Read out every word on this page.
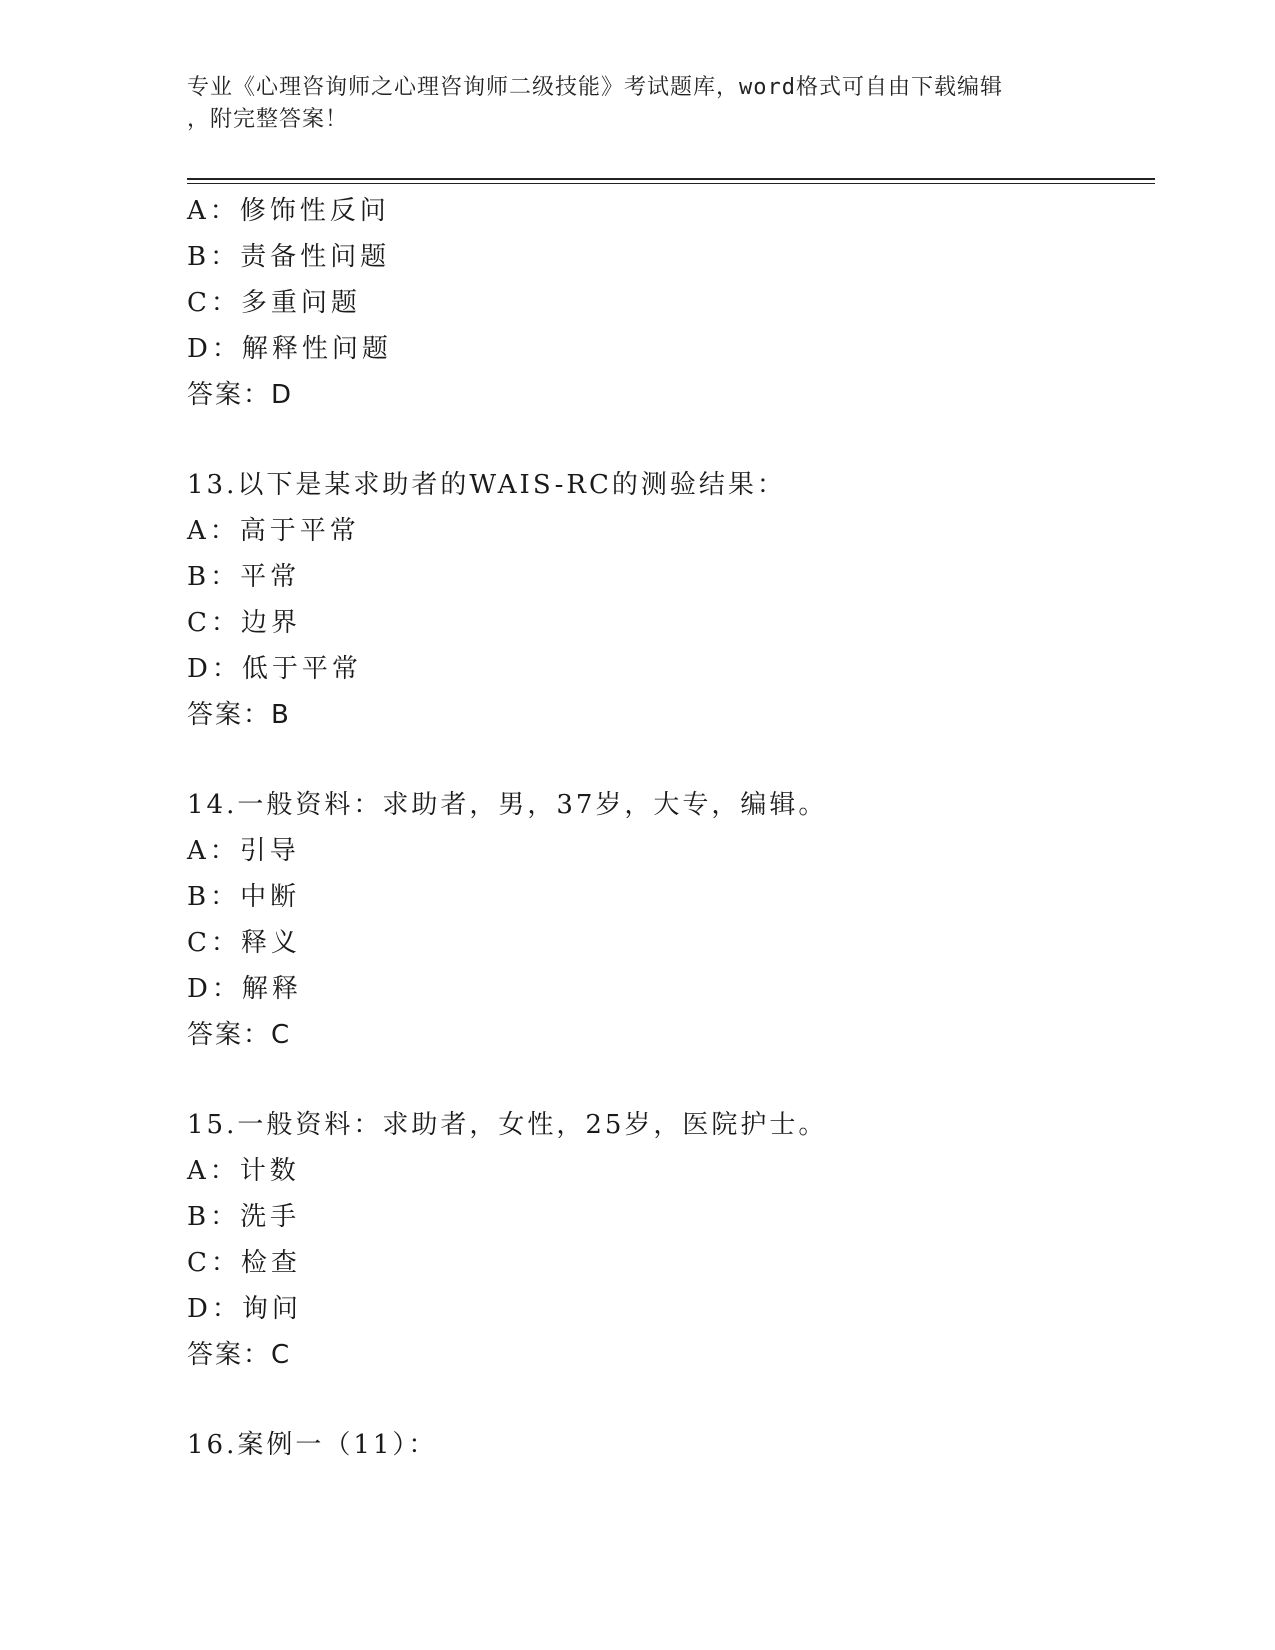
专业《心理咨询师之心理咨询师二级技能》考试题库，word格式可自由下载编辑
，附完整答案！
A：修饰性反问
B：责备性问题
C：多重问题
D：解释性问题
答案：D
13.以下是某求助者的WAIS-RC的测验结果：
A：高于平常
B：平常
C：边界
D：低于平常
答案：B
14.一般资料：求助者，男，37岁，大专，编辑。
A：引导
B：中断
C：释义
D：解释
答案：C
15.一般资料：求助者，女性，25岁，医院护士。
A：计数
B：洗手
C：检查
D：询问
答案：C
16.案例一（11）：
